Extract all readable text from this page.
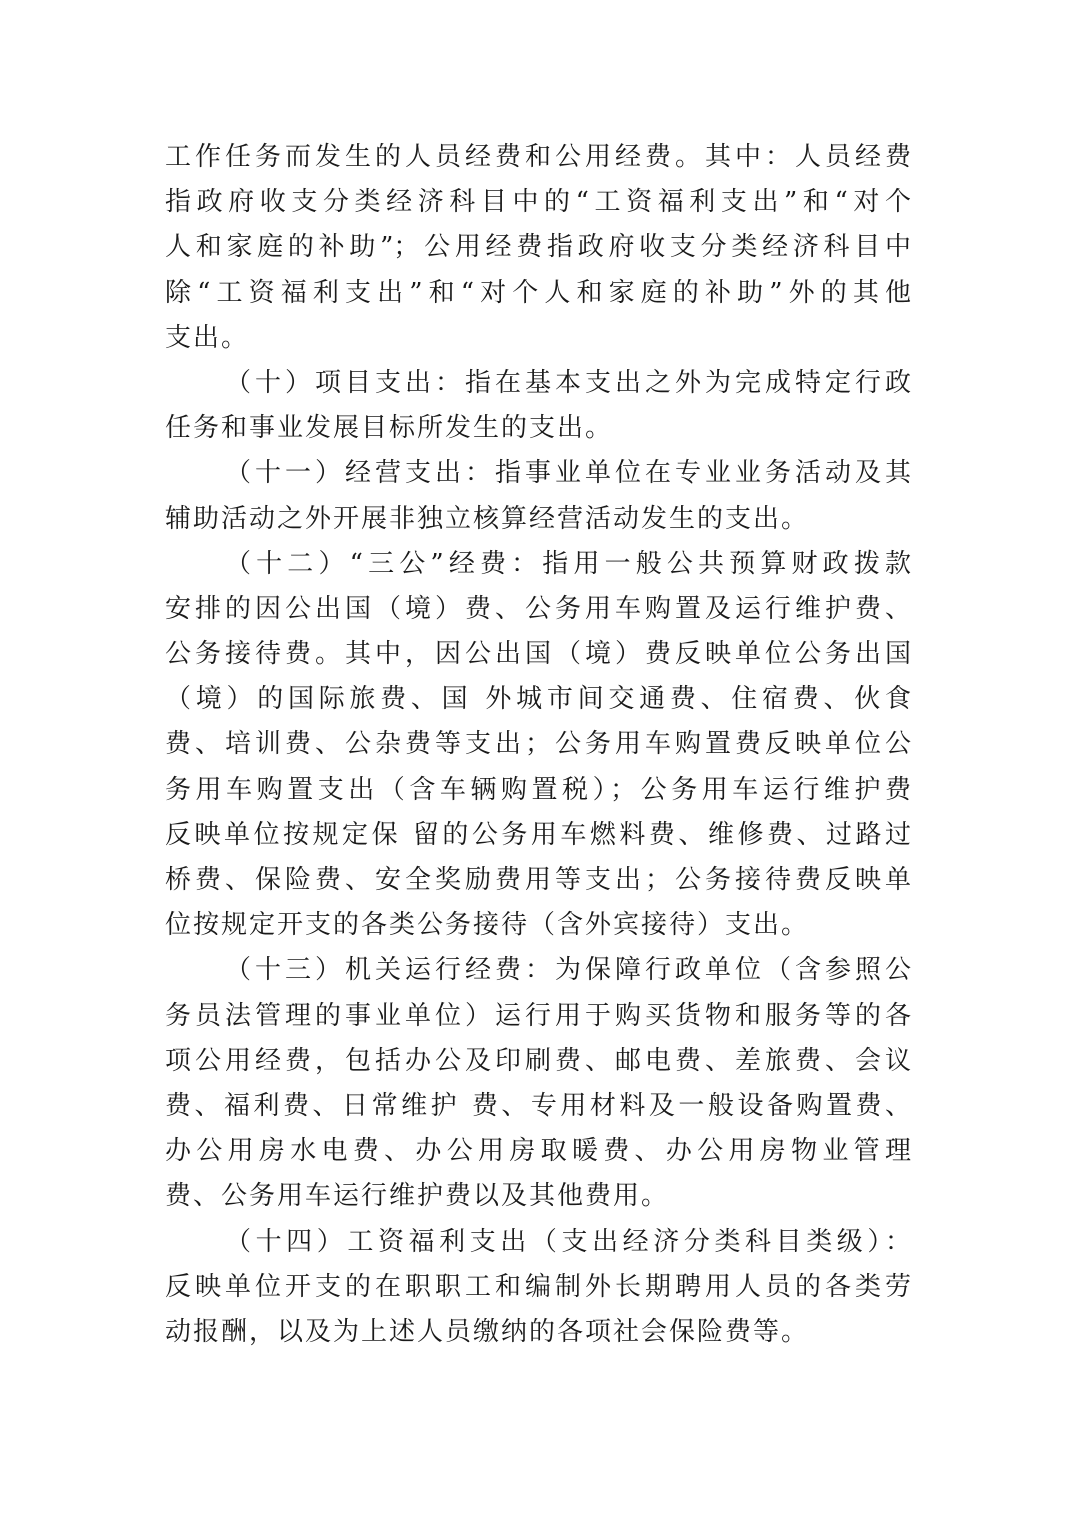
工作任务而发生的人员经费和公用经费。其中：人员经费
指政府收支分类经济科目中的“工资福利支出”和“对个
人和家庭的补助”；公用经费指政府收支分类经济科目中
除“工资福利支出”和“对个人和家庭的补助”外的其他
支出。
（十）项目支出：指在基本支出之外为完成特定行政
任务和事业发展目标所发生的支出。
（十一）经营支出：指事业单位在专业业务活动及其
辅助活动之外开展非独立核算经营活动发生的支出。
（十二）“三公”经费：指用一般公共预算财政拨款
安排的因公出国（境）费、公务用车购置及运行维护费、
公务接待费。其中，因公出国（境）费反映单位公务出国
（境）的国际旅费、国 外城市间交通费、住宿费、伙食
费、培训费、公杂费等支出；公务用车购置费反映单位公
务用车购置支出（含车辆购置税）；公务用车运行维护费
反映单位按规定保 留的公务用车燃料费、维修费、过路过
桥费、保险费、安全奖励费用等支出；公务接待费反映单
位按规定开支的各类公务接待（含外宾接待）支出。
（十三）机关运行经费：为保障行政单位（含参照公
务员法管理的事业单位）运行用于购买货物和服务等的各
项公用经费，包括办公及印刷费、邮电费、差旅费、会议
费、福利费、日常维护 费、专用材料及一般设备购置费、
办公用房水电费、办公用房取暖费、办公用房物业管理
费、公务用车运行维护费以及其他费用。
（十四）工资福利支出（支出经济分类科目类级）：
反映单位开支的在职职工和编制外长期聘用人员的各类劳
动报酬，以及为上述人员缴纳的各项社会保险费等。
